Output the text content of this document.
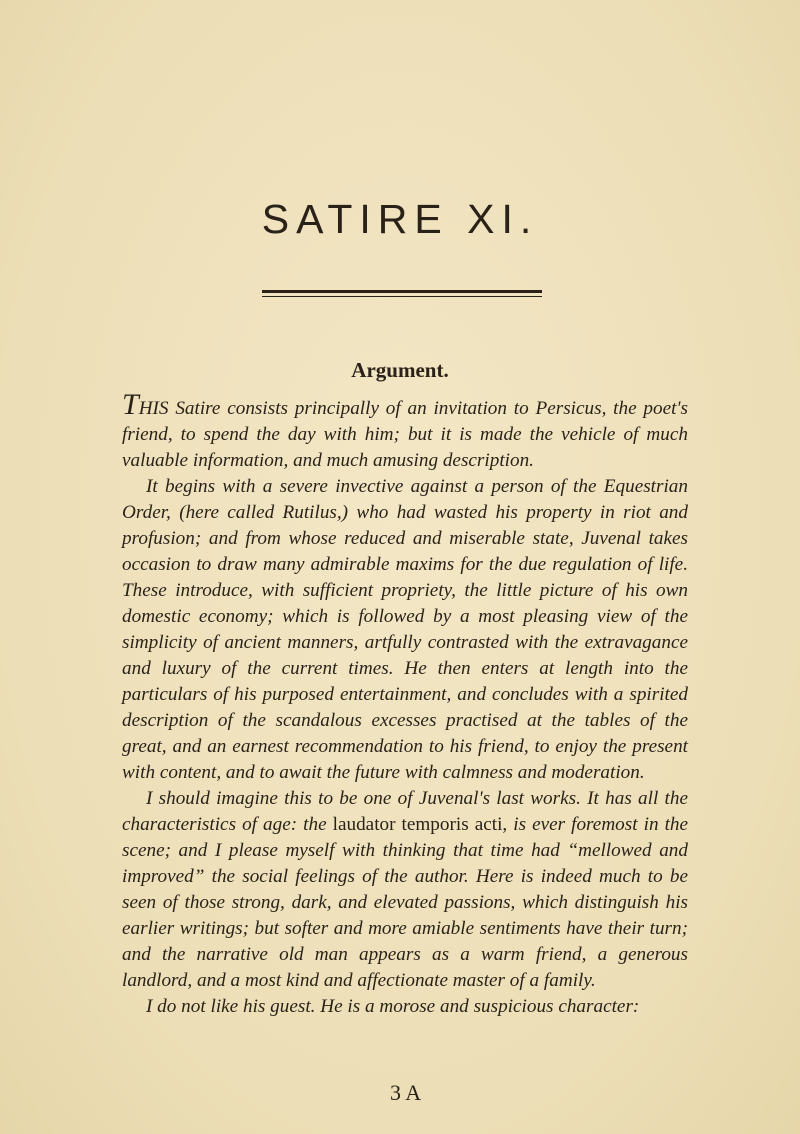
SATIRE XI.
Argument.

THIS Satire consists principally of an invitation to Persicus, the poet's friend, to spend the day with him; but it is made the vehicle of much valuable information, and much amusing description.

It begins with a severe invective against a person of the Equestrian Order, (here called Rutilus,) who had wasted his property in riot and profusion; and from whose reduced and miserable state, Juvenal takes occasion to draw many admirable maxims for the due regulation of life. These introduce, with sufficient propriety, the little picture of his own domestic economy; which is followed by a most pleasing view of the simplicity of ancient manners, artfully contrasted with the extravagance and luxury of the current times. He then enters at length into the particulars of his purposed entertainment, and concludes with a spirited description of the scandalous excesses practised at the tables of the great, and an earnest recommendation to his friend, to enjoy the present with content, and to await the future with calmness and moderation.

I should imagine this to be one of Juvenal's last works. It has all the characteristics of age: the laudator temporis acti, is ever foremost in the scene; and I please myself with thinking that time had “mellowed and improved” the social feelings of the author. Here is indeed much to be seen of those strong, dark, and elevated passions, which distinguish his earlier writings; but softer and more amiable sentiments have their turn; and the narrative old man appears as a warm friend, a generous landlord, and a most kind and affectionate master of a family.

I do not like his guest. He is a morose and suspicious character:

3 A
